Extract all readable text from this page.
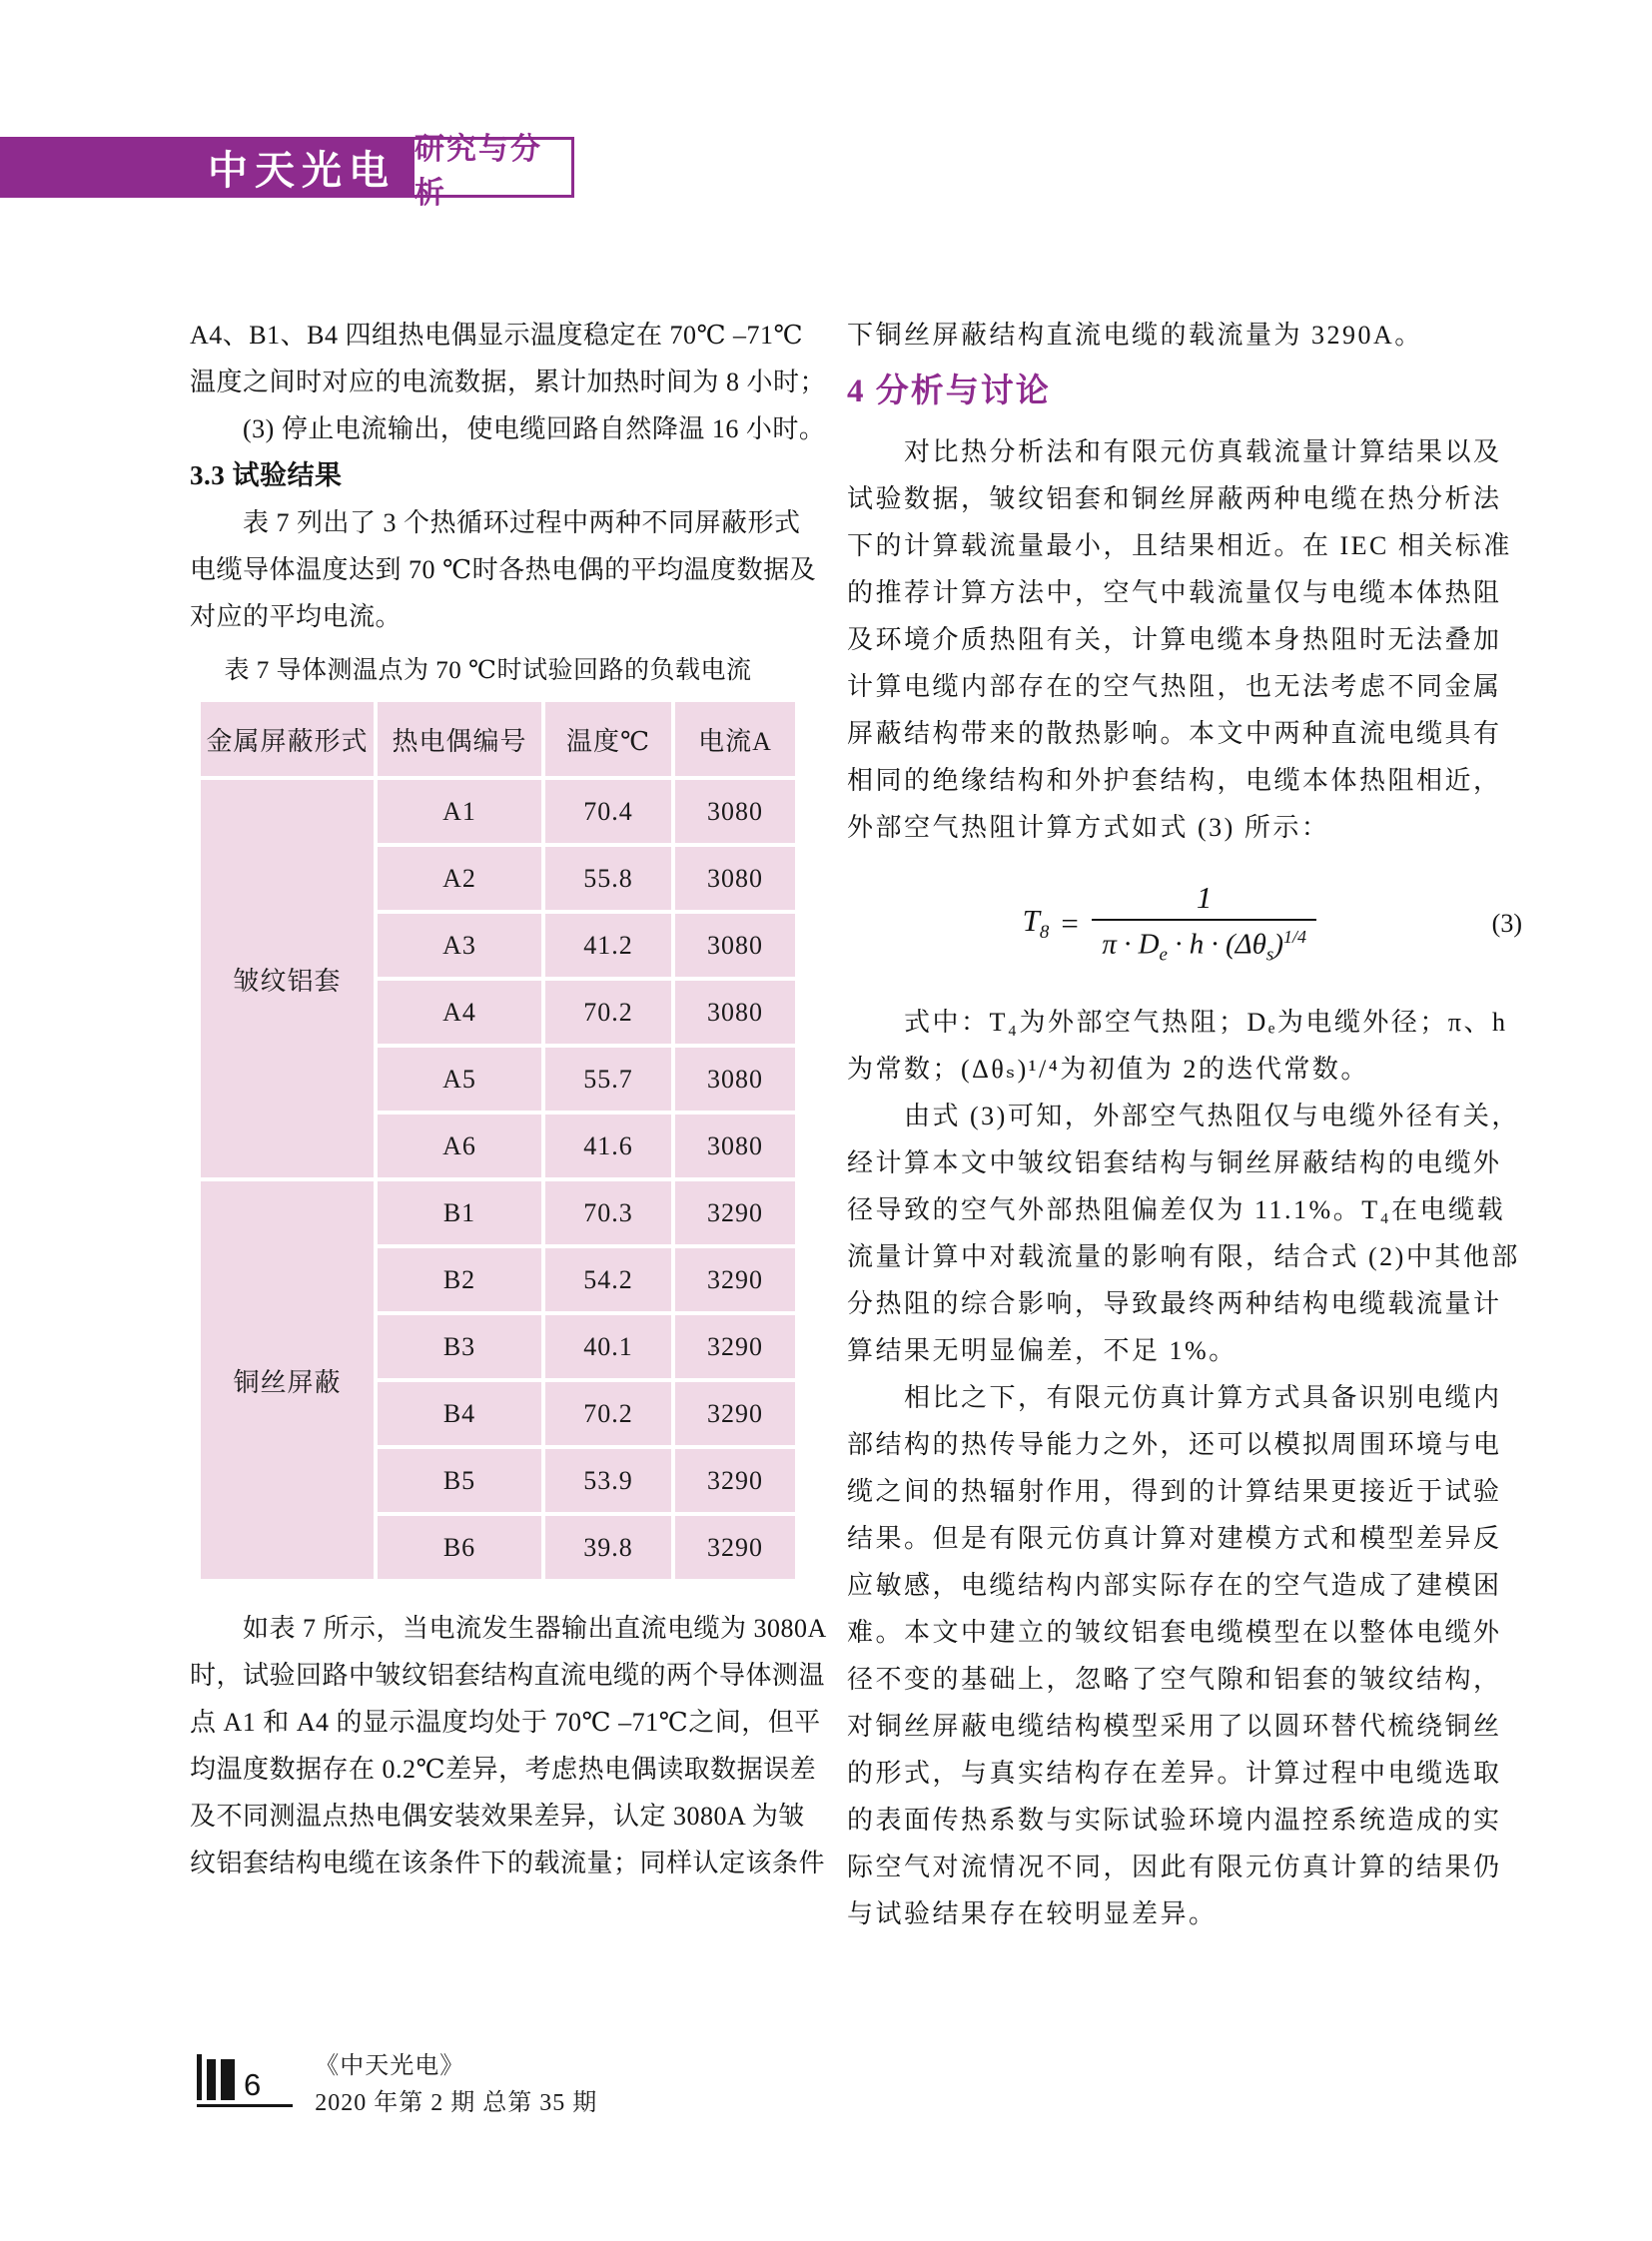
中天光电 研究与分析
A4、B1、B4 四组热电偶显示温度稳定在 70℃ –71℃
温度之间时对应的电流数据，累计加热时间为 8 小时；
　　(3) 停止电流输出，使电缆回路自然降温 16 小时。
3.3 试验结果
　　表 7 列出了 3 个热循环过程中两种不同屏蔽形式
电缆导体温度达到 70 ℃时各热电偶的平均温度数据及
对应的平均电流。
表 7 导体测温点为 70 ℃时试验回路的负载电流
金属屏蔽形式	热电偶编号	温度℃	电流A
皱纹铝套	A1	70.4	3080
	A2	55.8	3080
	A3	41.2	3080
	A4	70.2	3080
	A5	55.7	3080
	A6	41.6	3080
铜丝屏蔽	B1	70.3	3290
	B2	54.2	3290
	B3	40.1	3290
	B4	70.2	3290
	B5	53.9	3290
	B6	39.8	3290
　　如表 7 所示，当电流发生器输出直流电缆为 3080A
时，试验回路中皱纹铝套结构直流电缆的两个导体测温
点 A1 和 A4 的显示温度均处于 70℃ –71℃之间，但平
均温度数据存在 0.2℃差异，考虑热电偶读取数据误差
及不同测温点热电偶安装效果差异，认定 3080A 为皱
纹铝套结构电缆在该条件下的载流量；同样认定该条件
下铜丝屏蔽结构直流电缆的载流量为 3290A。
4 分析与讨论
　　对比热分析法和有限元仿真载流量计算结果以及
试验数据，皱纹铝套和铜丝屏蔽两种电缆在热分析法
下的计算载流量最小，且结果相近。在 IEC 相关标准
的推荐计算方法中，空气中载流量仅与电缆本体热阻
及环境介质热阻有关，计算电缆本身热阻时无法叠加
计算电缆内部存在的空气热阻，也无法考虑不同金属
屏蔽结构带来的散热影响。本文中两种直流电缆具有
相同的绝缘结构和外护套结构，电缆本体热阻相近，
外部空气热阻计算方式如式 (3) 所示：
$T_8 = \frac{1}{\pi \cdot D_e \cdot h \cdot (\Delta\theta_s)^{1/4}}$	(3)
　　式中：T₄为外部空气热阻；Dₑ为电缆外径；π、h
为常数；(Δθₛ)¹/⁴为初值为 2的迭代常数。
　　由式 (3)可知，外部空气热阻仅与电缆外径有关，
经计算本文中皱纹铝套结构与铜丝屏蔽结构的电缆外
径导致的空气外部热阻偏差仅为 11.1%。T₄在电缆载
流量计算中对载流量的影响有限，结合式 (2)中其他部
分热阻的综合影响，导致最终两种结构电缆载流量计
算结果无明显偏差，不足 1%。
　　相比之下，有限元仿真计算方式具备识别电缆内
部结构的热传导能力之外，还可以模拟周围环境与电
缆之间的热辐射作用，得到的计算结果更接近于试验
结果。但是有限元仿真计算对建模方式和模型差异反
应敏感，电缆结构内部实际存在的空气造成了建模困
难。本文中建立的皱纹铝套电缆模型在以整体电缆外
径不变的基础上，忽略了空气隙和铝套的皱纹结构，
对铜丝屏蔽电缆结构模型采用了以圆环替代梳绕铜丝
的形式，与真实结构存在差异。计算过程中电缆选取
的表面传热系数与实际试验环境内温控系统造成的实
际空气对流情况不同，因此有限元仿真计算的结果仍
与试验结果存在较明显差异。
6
《中天光电》
2020 年第 2 期 总第 35 期
